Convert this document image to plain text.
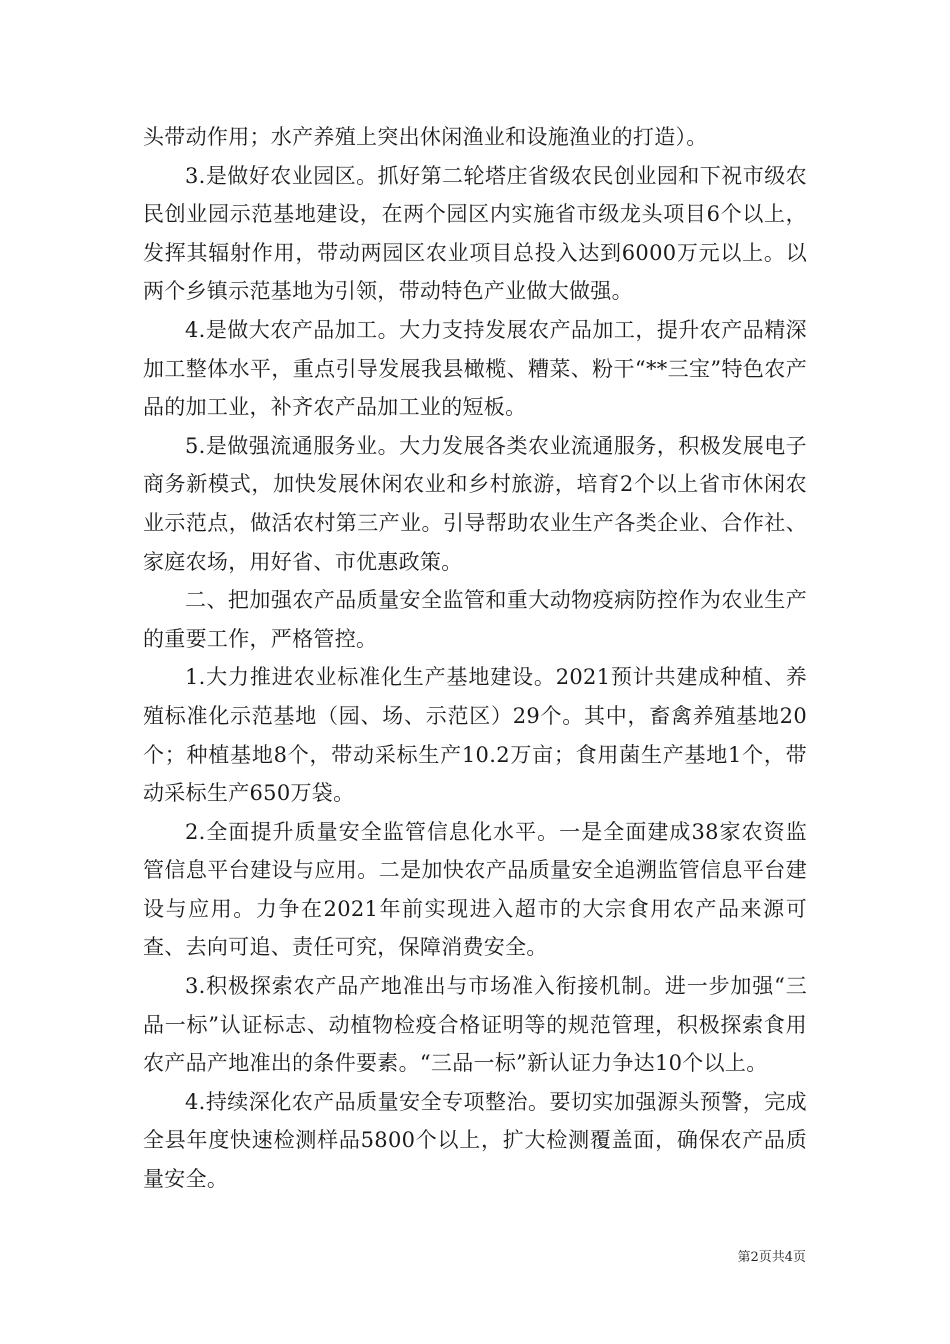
头带动作用；水产养殖上突出休闲渔业和设施渔业的打造）。

3.是做好农业园区。抓好第二轮塔庄省级农民创业园和下祝市级农民创业园示范基地建设，在两个园区内实施省市级龙头项目6个以上，发挥其辐射作用，带动两园区农业项目总投入达到6000万元以上。以两个乡镇示范基地为引领，带动特色产业做大做强。

4.是做大农产品加工。大力支持发展农产品加工，提升农产品精深加工整体水平，重点引导发展我县橄榄、糟菜、粉干“**三宝”特色农产品的加工业，补齐农产品加工业的短板。

5.是做强流通服务业。大力发展各类农业流通服务，积极发展电子商务新模式，加快发展休闲农业和乡村旅游，培育2个以上省市休闲农业示范点，做活农村第三产业。引导帮助农业生产各类企业、合作社、家庭农场，用好省、市优惠政策。

二、把加强农产品质量安全监管和重大动物疫病防控作为农业生产的重要工作，严格管控。

1.大力推进农业标准化生产基地建设。2021预计共建成种植、养殖标准化示范基地（园、场、示范区）29个。其中，畜禽养殖基地20个；种植基地8个，带动采标生产10.2万亩；食用菌生产基地1个，带动采标生产650万袋。

2.全面提升质量安全监管信息化水平。一是全面建成38家农资监管信息平台建设与应用。二是加快农产品质量安全追溯监管信息平台建设与应用。力争在2021年前实现进入超市的大宗食用农产品来源可查、去向可追、责任可究，保障消费安全。

3.积极探索农产品产地准出与市场准入衔接机制。进一步加强“三品一标”认证标志、动植物检疫合格证明等的规范管理，积极探索食用农产品产地准出的条件要素。“三品一标”新认证力争达10个以上。

4.持续深化农产品质量安全专项整治。要切实加强源头预警，完成全县年度快速检测样品5800个以上，扩大检测覆盖面，确保农产品质量安全。

第2页共4页
